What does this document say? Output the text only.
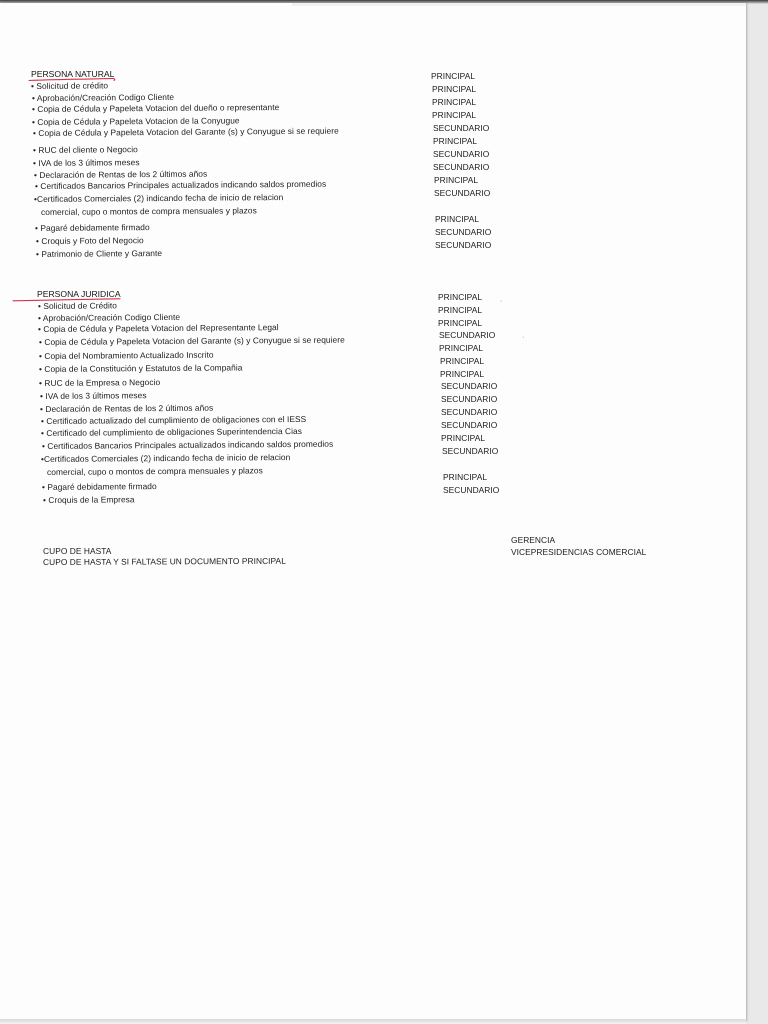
PERSONA NATURAL
• Solicitud de crédito
• Aprobación/Creación Codigo Cliente
• Copia de Cédula y Papeleta Votacion del dueño o representante
• Copia de Cédula y Papeleta Votacion de la Conyugue
• Copia de Cédula y Papeleta Votacion del Garante (s) y Conyugue si se requiere
• RUC del cliente o Negocio
• IVA de los 3 últimos meses
• Declaración de Rentas de los 2 últimos años
• Certificados Bancarios Principales actualizados indicando saldos promedios
•Certificados Comerciales (2) indicando fecha de inicio de relacion
comercial, cupo o montos de compra mensuales y plazos
• Pagaré debidamente firmado
• Croquis y Foto del Negocio
• Patrimonio de Cliente y Garante
PRINCIPAL
PRINCIPAL
PRINCIPAL
PRINCIPAL
SECUNDARIO
PRINCIPAL
SECUNDARIO
SECUNDARIO
PRINCIPAL
SECUNDARIO
PRINCIPAL
SECUNDARIO
SECUNDARIO
PERSONA JURIDICA
• Solicitud de Crédito
• Aprobación/Creación Codigo Cliente
• Copia de Cédula y Papeleta Votacion del Representante Legal
• Copia de Cédula y Papeleta Votacion del Garante (s) y Conyugue si se requiere
• Copia del Nombramiento Actualizado Inscrito
• Copia de la Constitución y Estatutos de la Compañia
• RUC de la Empresa o Negocio
• IVA de los 3 últimos meses
• Declaración de Rentas de los 2 últimos años
• Certificado actualizado del cumplimiento de obligaciones con el IESS
• Certificado del cumplimiento de obligaciones Superintendencia Cias
• Certificados Bancarios Principales actualizados indicando saldos promedios
•Certificados Comerciales (2) indicando fecha de inicio de relacion
comercial, cupo o montos de compra mensuales y plazos
• Pagaré debidamente firmado
• Croquis de la Empresa
PRINCIPAL
PRINCIPAL
PRINCIPAL
SECUNDARIO
PRINCIPAL
PRINCIPAL
PRINCIPAL
SECUNDARIO
SECUNDARIO
SECUNDARIO
SECUNDARIO
PRINCIPAL
SECUNDARIO
PRINCIPAL
SECUNDARIO
·
·
CUPO DE HASTA
CUPO DE HASTA Y SI FALTASE UN DOCUMENTO PRINCIPAL
GERENCIA
VICEPRESIDENCIAS COMERCIAL
